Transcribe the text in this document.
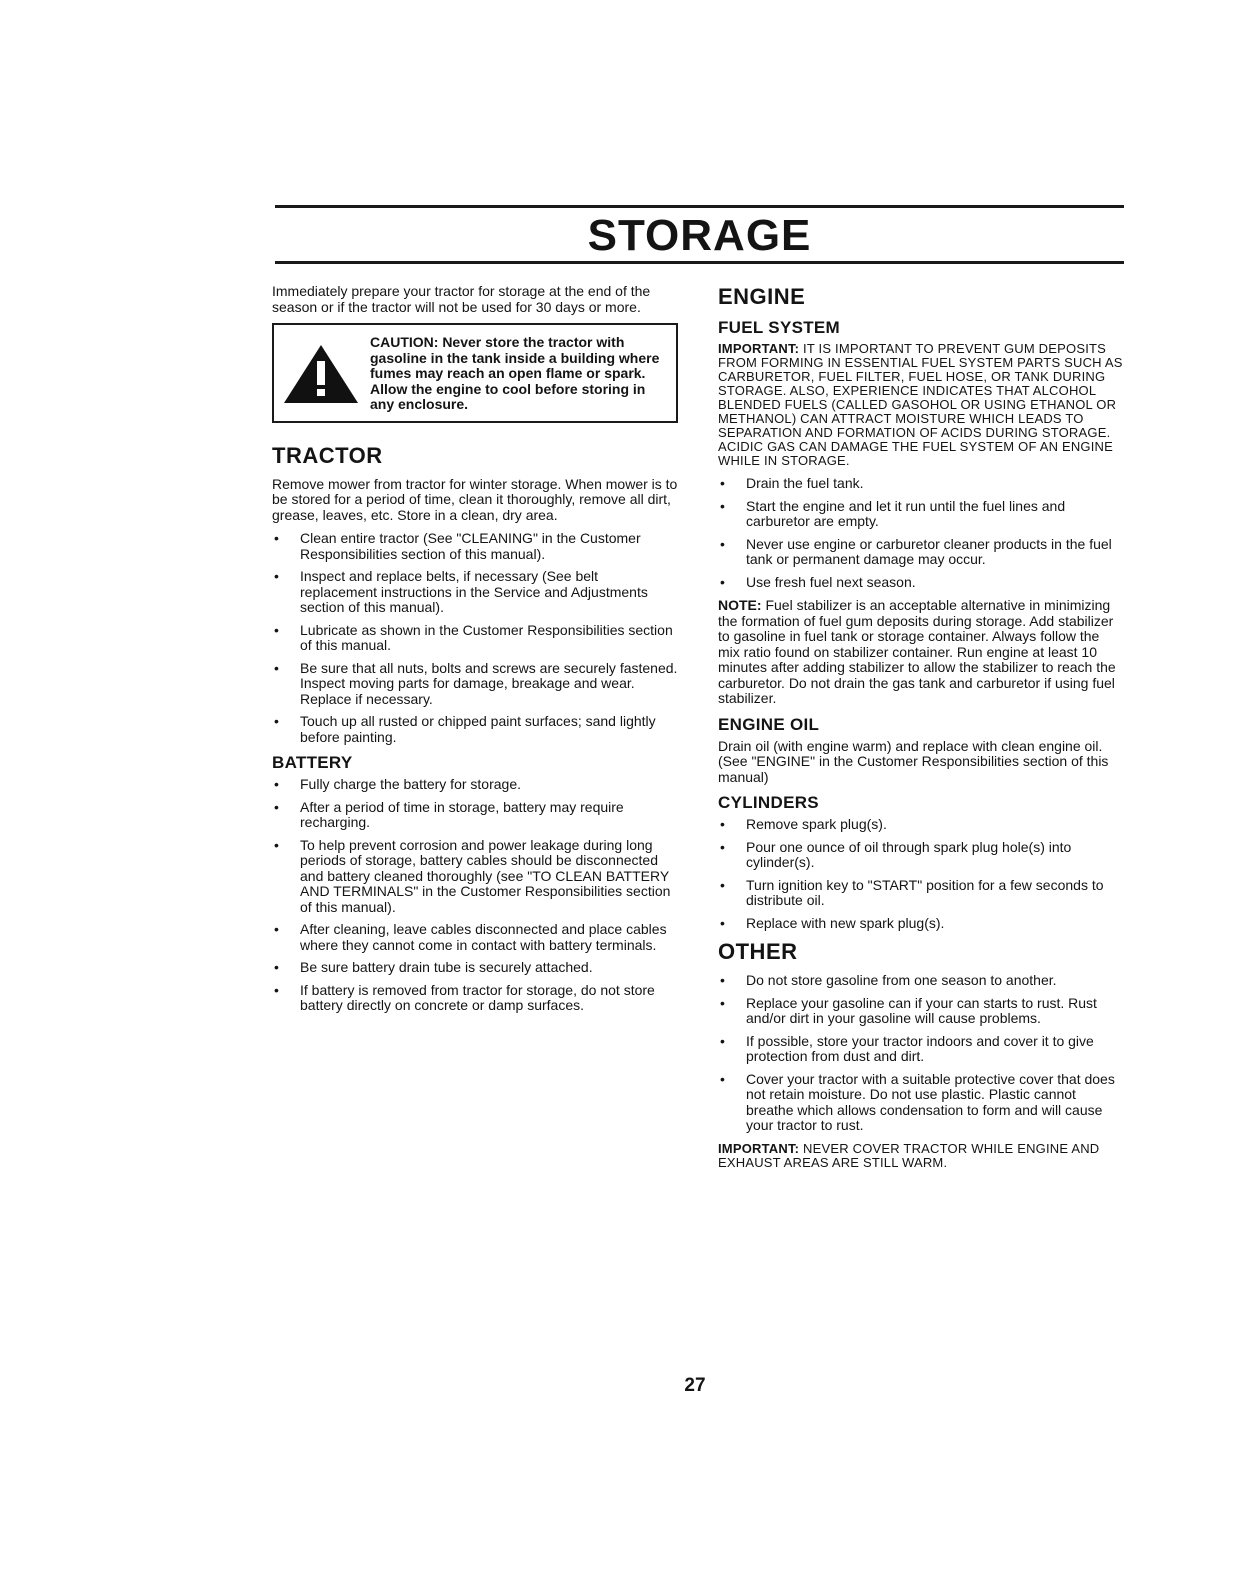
STORAGE

Immediately prepare your tractor for storage at the end of the season or if the tractor will not be used for 30 days or more.

CAUTION: Never store the tractor with gasoline in the tank inside a building where fumes may reach an open flame or spark. Allow the engine to cool before storing in any enclosure.
TRACTOR

Remove mower from tractor for winter storage. When mower is to be stored for a period of time, clean it thoroughly, remove all dirt, grease, leaves, etc. Store in a clean, dry area.

• Clean entire tractor (See "CLEANING" in the Customer Responsibilities section of this manual).
• Inspect and replace belts, if necessary (See belt replacement instructions in the Service and Adjustments section of this manual).
• Lubricate as shown in the Customer Responsibilities section of this manual.
• Be sure that all nuts, bolts and screws are securely fastened. Inspect moving parts for damage, breakage and wear. Replace if necessary.
• Touch up all rusted or chipped paint surfaces; sand lightly before painting.
BATTERY
• Fully charge the battery for storage.
• After a period of time in storage, battery may require recharging.
• To help prevent corrosion and power leakage during long periods of storage, battery cables should be disconnected and battery cleaned thoroughly (see "TO CLEAN BATTERY AND TERMINALS" in the Customer Responsibilities section of this manual).
• After cleaning, leave cables disconnected and place cables where they cannot come in contact with battery terminals.
• Be sure battery drain tube is securely attached.
• If battery is removed from tractor for storage, do not store battery directly on concrete or damp surfaces.
ENGINE
FUEL SYSTEM

IMPORTANT: IT IS IMPORTANT TO PREVENT GUM DEPOSITS FROM FORMING IN ESSENTIAL FUEL SYSTEM PARTS SUCH AS CARBURETOR, FUEL FILTER, FUEL HOSE, OR TANK DURING STORAGE. ALSO, EXPERIENCE INDICATES THAT ALCOHOL BLENDED FUELS (CALLED GASOHOL OR USING ETHANOL OR METHANOL) CAN ATTRACT MOISTURE WHICH LEADS TO SEPARATION AND FORMATION OF ACIDS DURING STORAGE. ACIDIC GAS CAN DAMAGE THE FUEL SYSTEM OF AN ENGINE WHILE IN STORAGE.

• Drain the fuel tank.
• Start the engine and let it run until the fuel lines and carburetor are empty.
• Never use engine or carburetor cleaner products in the fuel tank or permanent damage may occur.
• Use fresh fuel next season.

NOTE: Fuel stabilizer is an acceptable alternative in minimizing the formation of fuel gum deposits during storage. Add stabilizer to gasoline in fuel tank or storage container. Always follow the mix ratio found on stabilizer container. Run engine at least 10 minutes after adding stabilizer to allow the stabilizer to reach the carburetor. Do not drain the gas tank and carburetor if using fuel stabilizer.

ENGINE OIL

Drain oil (with engine warm) and replace with clean engine oil. (See "ENGINE" in the Customer Responsibilities section of this manual)

CYLINDERS
• Remove spark plug(s).
• Pour one ounce of oil through spark plug hole(s) into cylinder(s).
• Turn ignition key to "START" position for a few seconds to distribute oil.
• Replace with new spark plug(s).
OTHER
• Do not store gasoline from one season to another.
• Replace your gasoline can if your can starts to rust. Rust and/or dirt in your gasoline will cause problems.
• If possible, store your tractor indoors and cover it to give protection from dust and dirt.
• Cover your tractor with a suitable protective cover that does not retain moisture. Do not use plastic. Plastic cannot breathe which allows condensation to form and will cause your tractor to rust.

IMPORTANT: NEVER COVER TRACTOR WHILE ENGINE AND EXHAUST AREAS ARE STILL WARM.

27
